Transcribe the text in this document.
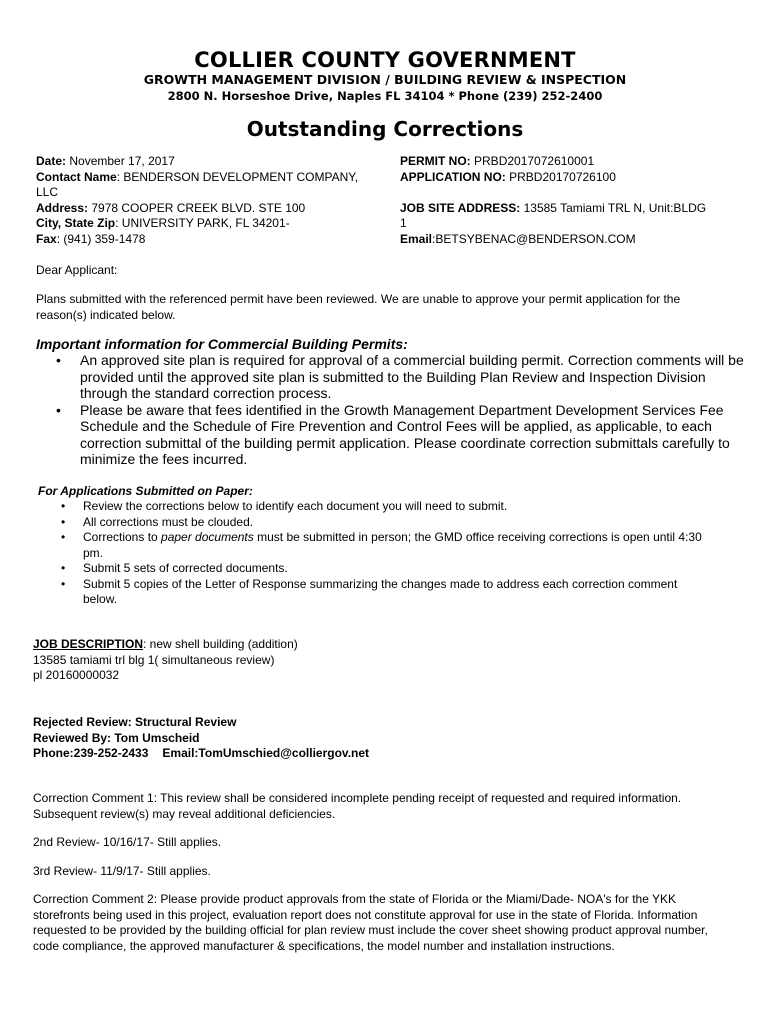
COLLIER COUNTY GOVERNMENT
GROWTH MANAGEMENT DIVISION / BUILDING REVIEW & INSPECTION
2800 N. Horseshoe Drive, Naples FL 34104 * Phone (239) 252-2400
Outstanding Corrections
Date: November 17, 2017
Contact Name: BENDERSON DEVELOPMENT COMPANY,
LLC
Address: 7978 COOPER CREEK BLVD. STE 100
City, State Zip: UNIVERSITY PARK, FL 34201-
Fax: (941) 359-1478
PERMIT NO: PRBD2017072610001
APPLICATION NO: PRBD20170726100

JOB SITE ADDRESS: 13585 Tamiami TRL N, Unit:BLDG
1
Email:BETSYBENAC@BENDERSON.COM
Dear Applicant:
Plans submitted with the referenced permit have been reviewed. We are unable to approve your permit application for the
reason(s) indicated below.
Important information for Commercial Building Permits:
• An approved site plan is required for approval of a commercial building permit. Correction comments will be
provided until the approved site plan is submitted to the Building Plan Review and Inspection Division
through the standard correction process.
• Please be aware that fees identified in the Growth Management Department Development Services Fee
Schedule and the Schedule of Fire Prevention and Control Fees will be applied, as applicable, to each
correction submittal of the building permit application. Please coordinate correction submittals carefully to
minimize the fees incurred.
For Applications Submitted on Paper:
• Review the corrections below to identify each document you will need to submit.
• All corrections must be clouded.
• Corrections to paper documents must be submitted in person; the GMD office receiving corrections is open until 4:30
pm.
• Submit 5 sets of corrected documents.
• Submit 5 copies of the Letter of Response summarizing the changes made to address each correction comment
below.
JOB DESCRIPTION: new shell building (addition)
13585 tamiami trl blg 1( simultaneous review)
pl 20160000032
Rejected Review: Structural Review
Reviewed By: Tom Umscheid
Phone:239-252-2433 Email:TomUmschied@colliergov.net
Correction Comment 1: This review shall be considered incomplete pending receipt of requested and required information.
Subsequent review(s) may reveal additional deficiencies.
2nd Review- 10/16/17- Still applies.
3rd Review- 11/9/17- Still applies.
Correction Comment 2: Please provide product approvals from the state of Florida or the Miami/Dade- NOA's for the YKK
storefronts being used in this project, evaluation report does not constitute approval for use in the state of Florida. Information
requested to be provided by the building official for plan review must include the cover sheet showing product approval number,
code compliance, the approved manufacturer & specifications, the model number and installation instructions.
